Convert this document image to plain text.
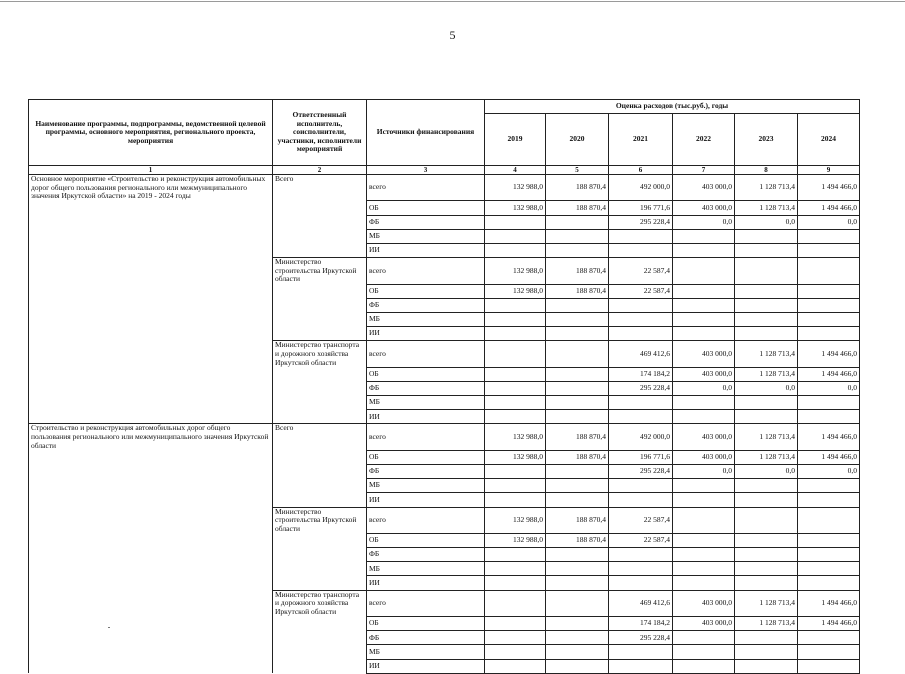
5
Наименование программы, подпрограммы, ведомственной целевой программы, основного мероприятия, регионального проекта, мероприятия	Ответственный исполнитель, соисполнители, участники, исполнители мероприятий	Источники финансирования	Оценка расходов (тыс.руб.), годы					
			2019	2020	2021	2022	2023	2024
1	2	3	4	5	6	7	8	9
Основное мероприятие «Строительство и реконструкция автомобильных дорог общего пользования регионального или межмуниципального значения Иркутской области» на 2019 - 2024 годы	Всего	всего	132 988,0	188 870,4	492 000,0	403 000,0	1 128 713,4	1 494 466,0
		ОБ	132 988,0	188 870,4	196 771,6	403 000,0	1 128 713,4	1 494 466,0
		ФБ			295 228,4	0,0	0,0	0,0
		МБ						
		ИИ						
	Министерство строительства Иркутской области	всего	132 988,0	188 870,4	22 587,4			
		ОБ	132 988,0	188 870,4	22 587,4			
		ФБ						
		МБ						
		ИИ						
	Министерство транспорта и дорожного хозяйства Иркутской области	всего			469 412,6	403 000,0	1 128 713,4	1 494 466,0
		ОБ			174 184,2	403 000,0	1 128 713,4	1 494 466,0
		ФБ			295 228,4	0,0	0,0	0,0
		МБ						
		ИИ						
Строительство и реконструкция автомобильных дорог общего пользования регионального или межмуниципального значения Иркутской области	Всего	всего	132 988,0	188 870,4	492 000,0	403 000,0	1 128 713,4	1 494 466,0
		ОБ	132 988,0	188 870,4	196 771,6	403 000,0	1 128 713,4	1 494 466,0
		ФБ			295 228,4	0,0	0,0	0,0
		МБ						
		ИИ						
	Министерство строительства Иркутской области	всего	132 988,0	188 870,4	22 587,4			
		ОБ	132 988,0	188 870,4	22 587,4			
		ФБ						
		МБ						
		ИИ						
	Министерство транспорта и дорожного хозяйства Иркутской области	всего			469 412,6	403 000,0	1 128 713,4	1 494 466,0
		ОБ			174 184,2	403 000,0	1 128 713,4	1 494 466,0
		ФБ			295 228,4			
		МБ						
		ИИ						
